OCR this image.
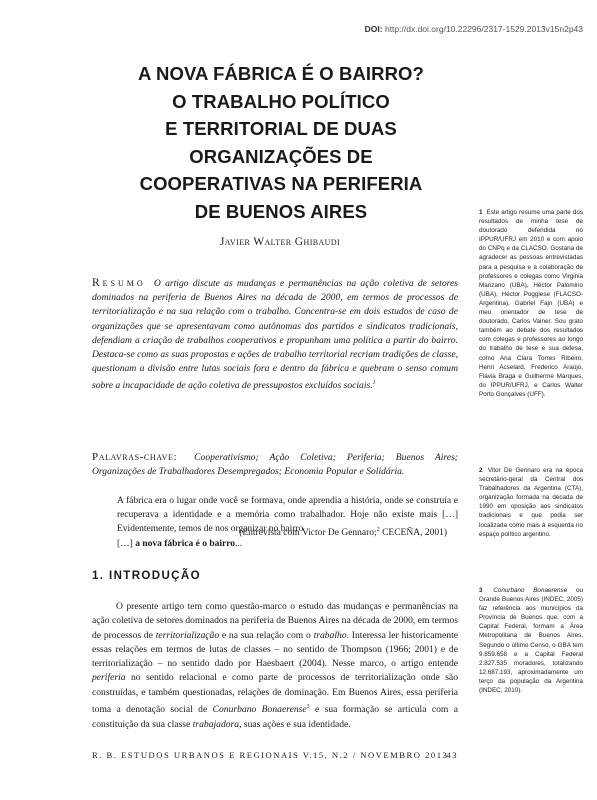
DOI: http://dx.doi.org/10.22296/2317-1529.2013v15n2p43
A NOVA FÁBRICA É O BAIRRO?
O TRABALHO POLÍTICO
E TERRITORIAL DE DUAS
ORGANIZAÇÕES DE
COOPERATIVAS NA PERIFERIA
DE BUENOS AIRES
Javier Walter Ghibaudi
Resumo O artigo discute as mudanças e permanências na ação coletiva de setores dominados na periferia de Buenos Aires na década de 2000, em termos de processos de territorialização e na sua relação com o trabalho. Concentra-se em dois estudos de caso de organizações que se apresentavam como autônomas dos partidos e sindicatos tradicionais, defendiam a criação de trabalhos cooperativos e propunham uma política a partir do bairro. Destaca-se como as suas propostas e ações de trabalho territorial recriam tradições de classe, questionam a divisão entre lutas sociais fora e dentro da fábrica e quebram o senso comum sobre a incapacidade de ação coletiva de pressupostos excluídos sociais.$^1$
Palavras-chave: Cooperativismo; Ação Coletiva; Periferia; Buenos Aires; Organizações de Trabalhadores Desempregados; Economia Popular e Solidária.
A fábrica era o lugar onde você se formava, onde aprendia a história, onde se construía e recuperava a identidade e a memória como trabalhador. Hoje não existe mais […] Evidentemente, temos de nos organizar no bairro
[…] a nova fábrica é o bairro...
(Entrevista com Victor De Gennaro;$^2$ CECEÑA, 2001)
1. INTRODUÇÃO

O presente artigo tem como questão-marco o estudo das mudanças e permanências na ação coletiva de setores dominados na periferia de Buenos Aires na década de 2000, em termos de processos de territorialização e na sua relação com o trabalho. Interessa ler historicamente essas relações em termos de lutas de classes – no sentido de Thompson (1966; 2001) e de territorialização – no sentido dado por Haesbaert (2004). Nesse marco, o artigo entende periferia no sentido relacional e como parte de processos de territorialização onde são construídas, e também questionadas, relações de dominação. Em Buenos Aires, essa periferia toma a denotação social de Conurbano Bonaerense$^3$ e sua formação se articula com a constituição da sua classe trabajadora, suas ações e sua identidade.

1 Este artigo resume uma parte dos resultados de minha tese de doutorado defendida no IPPUR/UFRJ em 2010 e com apoio do CNPq e da CLACSO. Gostaria de agradecer as pessoas entrevistadas para a pesquisa e a colaboração de professores e colegas como Virginia Manzano (UBA), Héctor Palomino (UBA), Héctor Poggiese (FLACSO-Argentina), Gabriel Fajn (UBA) e meu orientador de tese de doutorado, Carlos Vainer. Sou grato também ao debate dos resultados com colegas e professores ao longo do trabalho de tese e sua defesa, como Ana Clara Torres Ribeiro, Henri Acselard, Frederico Araújo, Flávia Braga e Guilherme Marques, do IPPUR/UFRJ, e Carlos Walter Porto Gonçalves (UFF).
2 Vitor De Gennaro era na época secretário-geral da Central dos Trabalhadores da Argentina (CTA), organização formada na década de 1990 em oposição aos sindicatos tradicionais e que podia ser localizada como mais à esquerda no espaço político argentino.
3 Conurbano Bonaerense ou Grande Buenos Aires (INDEC, 2005) faz referência aos municípios da Província de Buenos que, com a Capital Federal, formam a Área Metropolitana de Buenos Aires. Segundo o último Censo, o GBA tem 9.859.658 e a Capital Federal 2.827.535 moradores, totalizando 12.687.193, aproximadamente um terço da população da Argentina (INDEC, 2010).
R. B. ESTUDOS URBANOS E REGIONAIS V.15, N.2 / NOVEMBRO 2013
43
